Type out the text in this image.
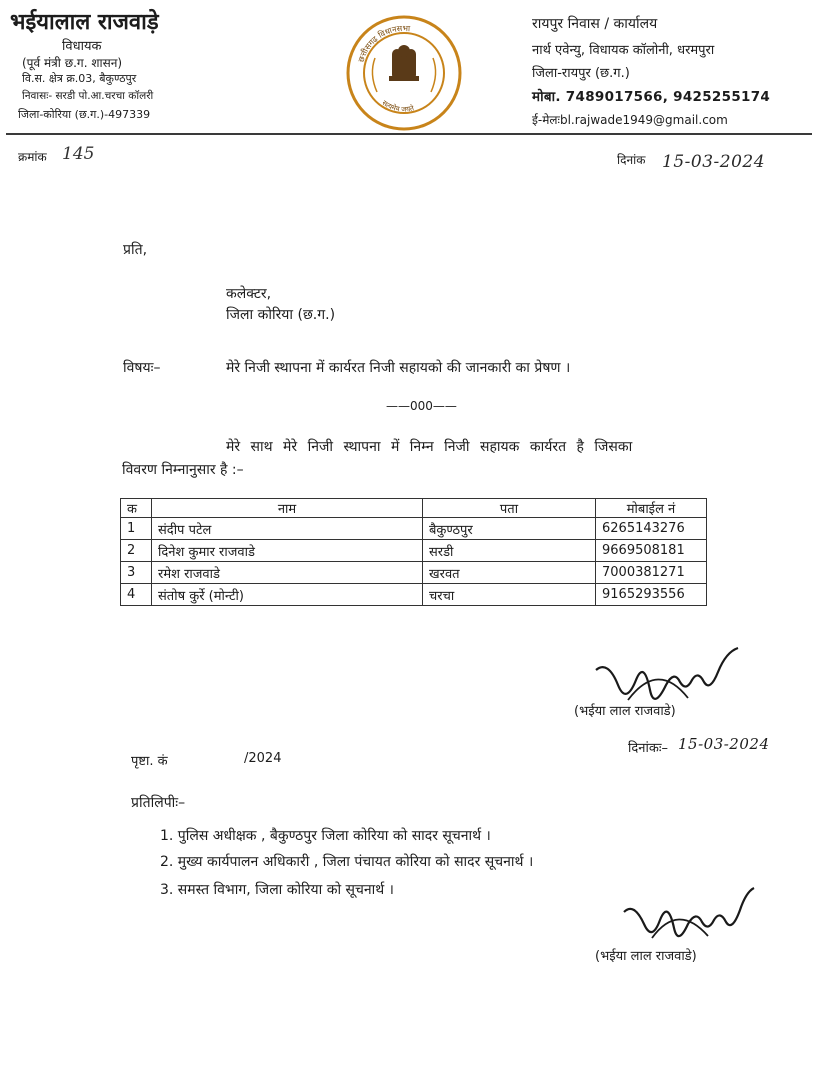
भईयालाल राजवाड़े
विधायक
(पूर्व मंत्री छ.ग. शासन)
वि.स. क्षेत्र क्र.03, बैकुण्ठपुर
निवासः- सरडी पो.आ.चरचा कॉलरी
जिला-कोरिया (छ.ग.)-497339
छत्तीसगढ़ विधानसभा
सत्यमेव जयते
रायपुर निवास / कार्यालय
नार्थ एवेन्यु, विधायक कॉलोनी, धरमपुरा
जिला-रायपुर (छ.ग.)
मोबा. 7489017566, 9425255174
ई-मेलःbl.rajwade1949@gmail.com
क्रमांक 145	दिनांक 15-03-2024
प्रति,
कलेक्टर,
जिला कोरिया (छ.ग.)
विषयः–	मेरे निजी स्थापना में कार्यरत निजी सहायको की जानकारी का प्रेषण ।
——000——
मेरे साथ मेरे निजी स्थापना में निम्न निजी सहायक कार्यरत है जिसका
विवरण निम्नानुसार है :–
क	नाम	पता	मोबाईल नं
1	संदीप पटेल	बैकुण्ठपुर	6265143276
2	दिनेश कुमार राजवाडे	सरडी	9669508181
3	रमेश राजवाडे	खरवत	7000381271
4	संतोष कुर्रे (मोन्टी)	चरचा	9165293556
(भईया लाल राजवाडे)
दिनांकः– 15-03-2024
पृष्टा. कं	/2024
प्रतिलिपीः–
1. पुलिस अधीक्षक , बैकुण्ठपुर जिला कोरिया को सादर सूचनार्थ ।
2. मुख्य कार्यपालन अधिकारी , जिला पंचायत कोरिया को सादर सूचनार्थ ।
3. समस्त विभाग, जिला कोरिया को सूचनार्थ ।
(भईया लाल राजवाडे)
